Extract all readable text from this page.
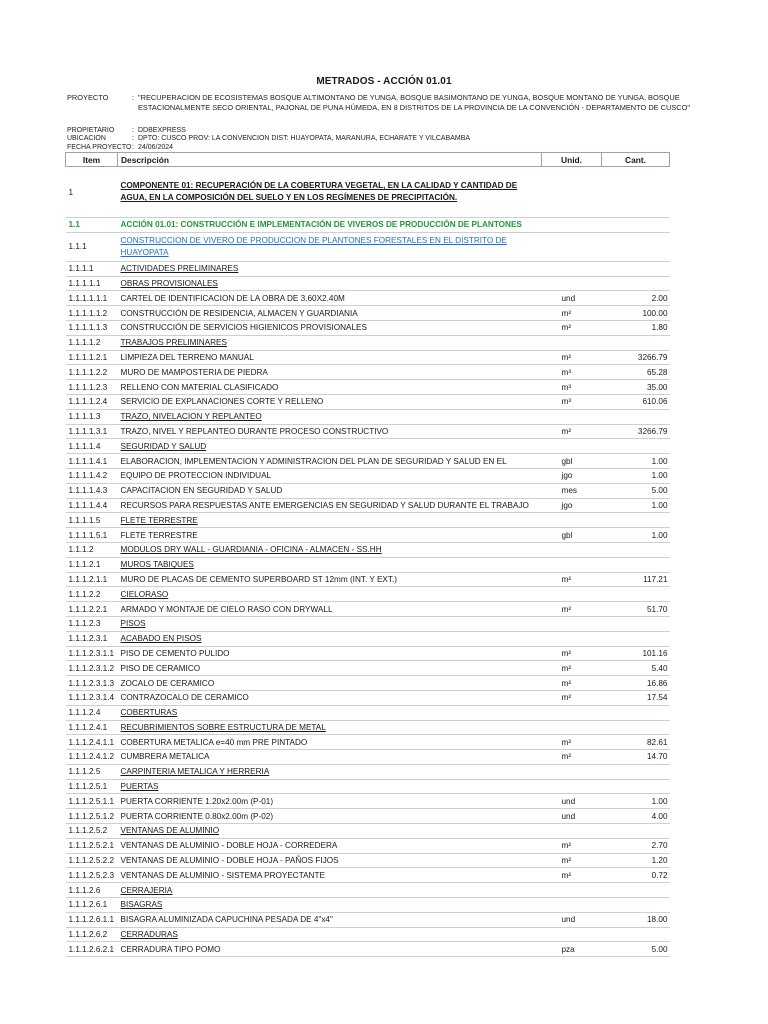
METRADOS - ACCIÓN 01.01
PROYECTO	: "RECUPERACION DE ECOSISTEMAS BOSQUE ALTIMONTANO DE YUNGA, BOSQUE BASIMONTANO DE YUNGA, BOSQUE MONTANO DE YUNGA, BOSQUE
ESTACIONALMENTE SECO ORIENTAL, PAJONAL DE PUNA HÚMEDA, EN 8 DISTRITOS DE LA PROVINCIA DE LA CONVENCIÓN - DEPARTAMENTO DE CUSCO"
PROPIETARIO	: DDBEXPRESS
UBICACION	: DPTO: CUSCO PROV: LA CONVENCION DIST: HUAYOPATA, MARANURA, ECHARATE Y VILCABAMBA
FECHA PROYECTO : 24/06/2024
Item	Descripción	Unid.	Cant.
1	COMPONENTE 01: RECUPERACIÓN DE LA COBERTURA VEGETAL, EN LA CALIDAD Y CANTIDAD DE AGUA, EN LA COMPOSICIÓN DEL SUELO Y EN LOS REGÍMENES DE PRECIPITACIÓN.		
1.1	ACCIÓN 01.01: CONSTRUCCIÓN E IMPLEMENTACIÓN DE VIVEROS DE PRODUCCIÓN DE PLANTONES		
1.1.1	CONSTRUCCION DE VIVERO DE PRODUCCION DE PLANTONES FORESTALES EN EL DISTRITO DE HUAYOPATA		
1.1.1.1	ACTIVIDADES PRELIMINARES		
1.1.1.1.1	OBRAS PROVISIONALES		
1.1.1.1.1.1	CARTEL DE IDENTIFICACION DE LA OBRA DE 3.60X2.40M	und	2.00
1.1.1.1.1.2	CONSTRUCCIÓN DE RESIDENCIA, ALMACEN Y GUARDIANIA	m²	100.00
1.1.1.1.1.3	CONSTRUCCIÓN DE SERVICIOS HIGIENICOS PROVISIONALES	m²	1.80
1.1.1.1.2	TRABAJOS PRELIMINARES		
1.1.1.1.2.1	LIMPIEZA DEL TERRENO MANUAL	m²	3266.79
1.1.1.1.2.2	MURO DE MAMPOSTERIA DE PIEDRA	m³	65.28
1.1.1.1.2.3	RELLENO CON MATERIAL CLASIFICADO	m³	35.00
1.1.1.1.2.4	SERVICIO DE EXPLANACIONES CORTE Y RELLENO	m³	610.06
1.1.1.1.3	TRAZO, NIVELACION Y REPLANTEO		
1.1.1.1.3.1	TRAZO, NIVEL Y REPLANTEO DURANTE PROCESO CONSTRUCTIVO	m²	3266.79
1.1.1.1.4	SEGURIDAD Y SALUD		
1.1.1.1.4.1	ELABORACION, IMPLEMENTACION Y ADMINISTRACION DEL PLAN DE SEGURIDAD Y SALUD EN EL	gbl	1.00
1.1.1.1.4.2	EQUIPO DE PROTECCION INDIVIDUAL	jgo	1.00
1.1.1.1.4.3	CAPACITACION EN SEGURIDAD Y SALUD	mes	5.00
1.1.1.1.4.4	RECURSOS PARA RESPUESTAS ANTE EMERGENCIAS EN SEGURIDAD Y SALUD DURANTE EL TRABAJO	jgo	1.00
1.1.1.1.5	FLETE TERRESTRE		
1.1.1.1.5.1	FLETE TERRESTRE	gbl	1.00
1.1.1.2	MODULOS DRY WALL - GUARDIANIA - OFICINA - ALMACEN - SS.HH		
1.1.1.2.1	MUROS TABIQUES		
1.1.1.2.1.1	MURO DE PLACAS DE CEMENTO SUPERBOARD ST 12mm (INT. Y EXT.)	m²	117.21
1.1.1.2.2	CIELORASO		
1.1.1.2.2.1	ARMADO Y MONTAJE DE CIELO RASO CON DRYWALL	m²	51.70
1.1.1.2.3	PISOS		
1.1.1.2.3.1	ACABADO EN PISOS		
1.1.1.2.3.1.1	PISO DE CEMENTO PULIDO	m²	101.16
1.1.1.2.3.1.2	PISO DE CERAMICO	m²	5.40
1.1.1.2.3.1.3	ZOCALO DE CERAMICO	m²	16.86
1.1.1.2.3.1.4	CONTRAZOCALO DE CERAMICO	m²	17.54
1.1.1.2.4	COBERTURAS		
1.1.1.2.4.1	RECUBRIMIENTOS SOBRE ESTRUCTURA DE METAL		
1.1.1.2.4.1.1	COBERTURA METALICA e=40 mm PRE PINTADO	m²	82.61
1.1.1.2.4.1.2	CUMBRERA METALICA	m²	14.70
1.1.1.2.5	CARPINTERIA METALICA Y HERRERIA		
1.1.1.2.5.1	PUERTAS		
1.1.1.2.5.1.1	PUERTA CORRIENTE 1.20x2.00m (P-01)	und	1.00
1.1.1.2.5.1.2	PUERTA CORRIENTE 0.80x2.00m (P-02)	und	4.00
1.1.1.2.5.2	VENTANAS DE ALUMINIO		
1.1.1.2.5.2.1	VENTANAS DE ALUMINIO - DOBLE HOJA - CORREDERA	m²	2.70
1.1.1.2.5.2.2	VENTANAS DE ALUMINIO - DOBLE HOJA - PAÑOS FIJOS	m²	1.20
1.1.1.2.5.2.3	VENTANAS DE ALUMINIO - SISTEMA PROYECTANTE	m²	0.72
1.1.1.2.6	CERRAJERIA		
1.1.1.2.6.1	BISAGRAS		
1.1.1.2.6.1.1	BISAGRA ALUMINIZADA CAPUCHINA PESADA DE 4"x4"	und	18.00
1.1.1.2.6.2	CERRADURAS		
1.1.1.2.6.2.1	CERRADURA TIPO POMO	pza	5.00
